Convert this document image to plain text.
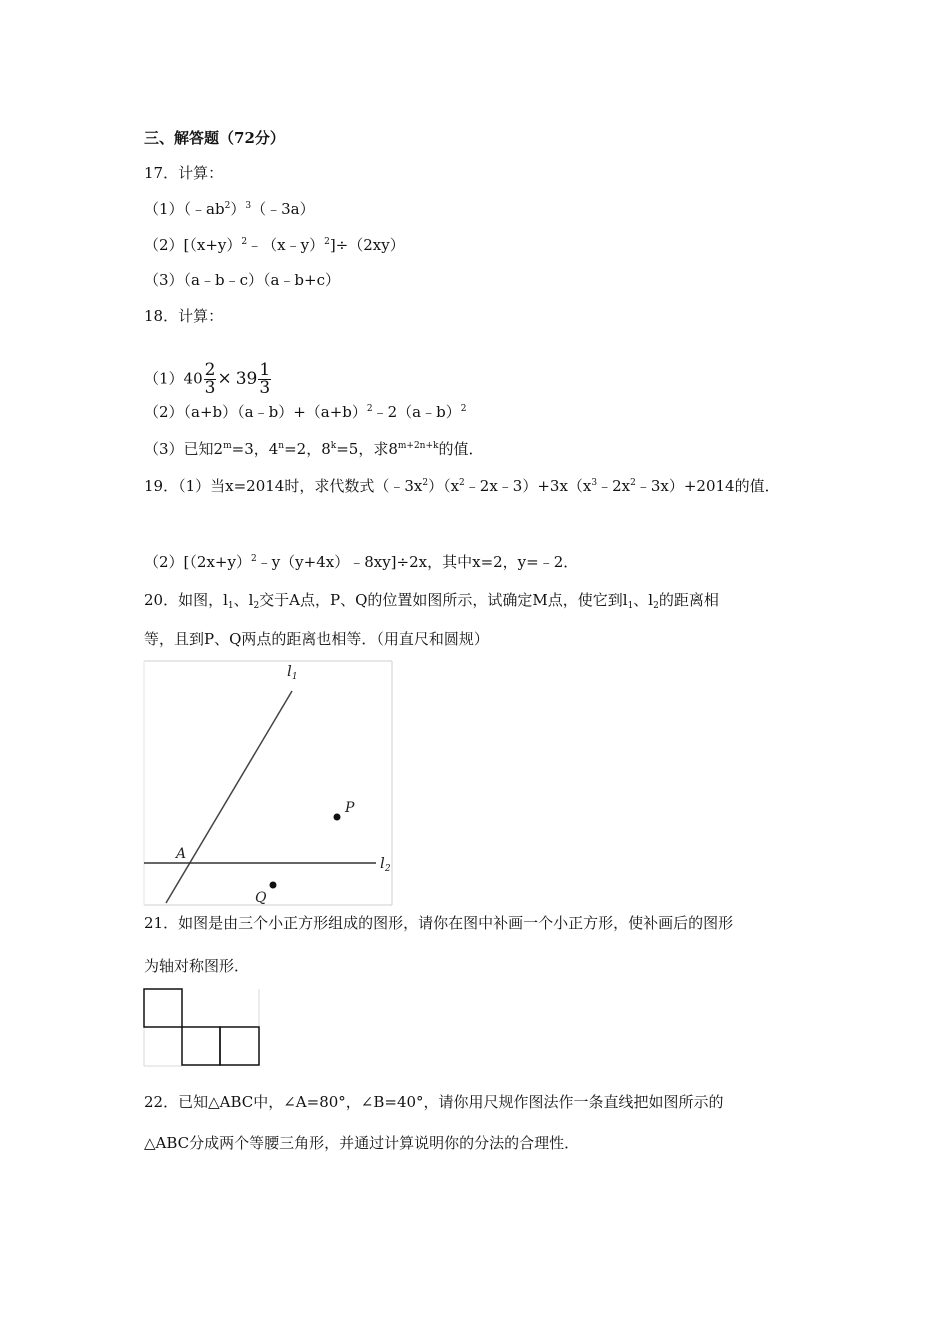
三、解答题（72分）
17．计算：
$(1)(﹣ab^2)^3(﹣3a)$
$(2)[(x+y)^2﹣(x﹣y)^2]\div(2xy)$
（3）（a﹣b﹣c）（a﹣b+c）
18．计算：
$(1)40 \frac{2}{3} \times 39 \frac{1}{3}$
$(2)(a+b)(a﹣b)+(a+b)^2﹣2(a﹣b)^2$
（3）已知$2^m=3$，$4^n=2$，$8^k=5$，求$8^{m+2n+k}$的值．
19．（1）当x=2014时，求代数式$(﹣3x^2)(x^2﹣2x﹣3)+3x(x^3﹣2x^2﹣3x)+2014$的值．
$(2)[(2x+y)^2﹣y(y+4x)﹣8xy]\div 2x$，其中x=2，y=﹣2．
20．如图，$l_1$、$l_2$交于A点，P、Q的位置如图所示，试确定M点，使它到$l_1$、$l_2$的距离相
等，且到P、Q两点的距离也相等．（用直尺和圆规）
$l_1$
$l_2$
A
P
Q
21．如图是由三个小正方形组成的图形，请你在图中补画一个小正方形，使补画后的图形
为轴对称图形．
22．已知△ABC中，∠A=80°，∠B=40°，请你用尺规作图法作一条直线把如图所示的
△ABC分成两个等腰三角形，并通过计算说明你的分法的合理性．
